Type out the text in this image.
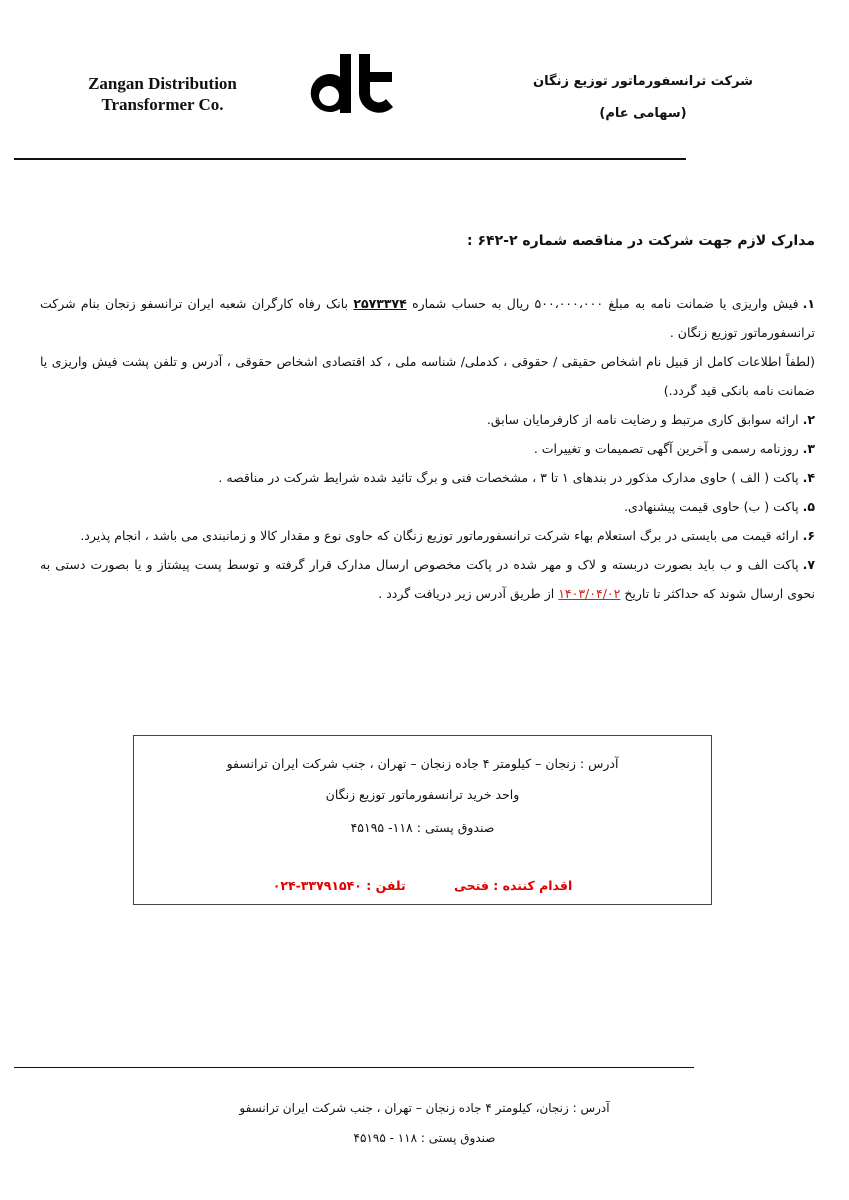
Zangan Distribution Transformer Co.
شرکت ترانسفورماتور توزیع زنگان
(سهامی عام)
مدارک لازم جهت شرکت در مناقصه شماره ۲-۶۴۲ :
۱.فیش واریزی یا ضمانت نامه به مبلغ ۵۰۰،۰۰۰،۰۰۰ ریال به حساب شماره ۲۵۷۳۳۷۴ بانک رفاه کارگران شعبه ایران ترانسفو زنجان بنام شرکت ترانسفورماتور توزیع زنگان .
(لطفاً اطلاعات کامل از قبیل نام اشخاص حقیقی / حقوقی ، کدملی/ شناسه ملی ، کد اقتصادی اشخاص حقوقی ، آدرس و تلفن پشت فیش واریزی یا ضمانت نامه بانکی قید گردد.)
۲.ارائه سوابق کاری مرتبط و رضایت نامه از کارفرمایان سابق.
۳.روزنامه رسمی و آخرین آگهی تصمیمات و تغییرات .
۴.پاکت ( الف ) حاوی مدارک مذکور در بندهای ۱ تا ۳ ، مشخصات فنی و برگ تائید شده شرایط شرکت در مناقصه .
۵.پاکت ( ب) حاوی قیمت پیشنهادی.
۶.ارائه قیمت می بایستی در برگ استعلام بهاء شرکت ترانسفورماتور توزیع زنگان که حاوی نوع و مقدار کالا و زمانبندی می باشد ، انجام پذیرد.
۷.پاکت الف و ب باید بصورت دربسته و لاک و مهر شده در پاکت مخصوص ارسال مدارک قرار گرفته و توسط پست پیشتاز و یا بصورت دستی به نحوی ارسال شوند که حداکثر تا تاریخ ۱۴۰۳/۰۴/۰۲ از طریق آدرس زیر دریافت گردد .
آدرس : زنجان – کیلومتر ۴ جاده زنجان – تهران ، جنب شرکت ایران ترانسفو
واحد خرید ترانسفورماتور توزیع زنگان
صندوق پستی : ۱۱۸- ۴۵۱۹۵
اقدام کننده : فتحی تلفن : ۳۳۷۹۱۵۴۰-۰۲۴
آدرس : زنجان، کیلومتر ۴ جاده زنجان – تهران ، جنب شرکت ایران ترانسفو
صندوق پستی : ۱۱۸ - ۴۵۱۹۵
